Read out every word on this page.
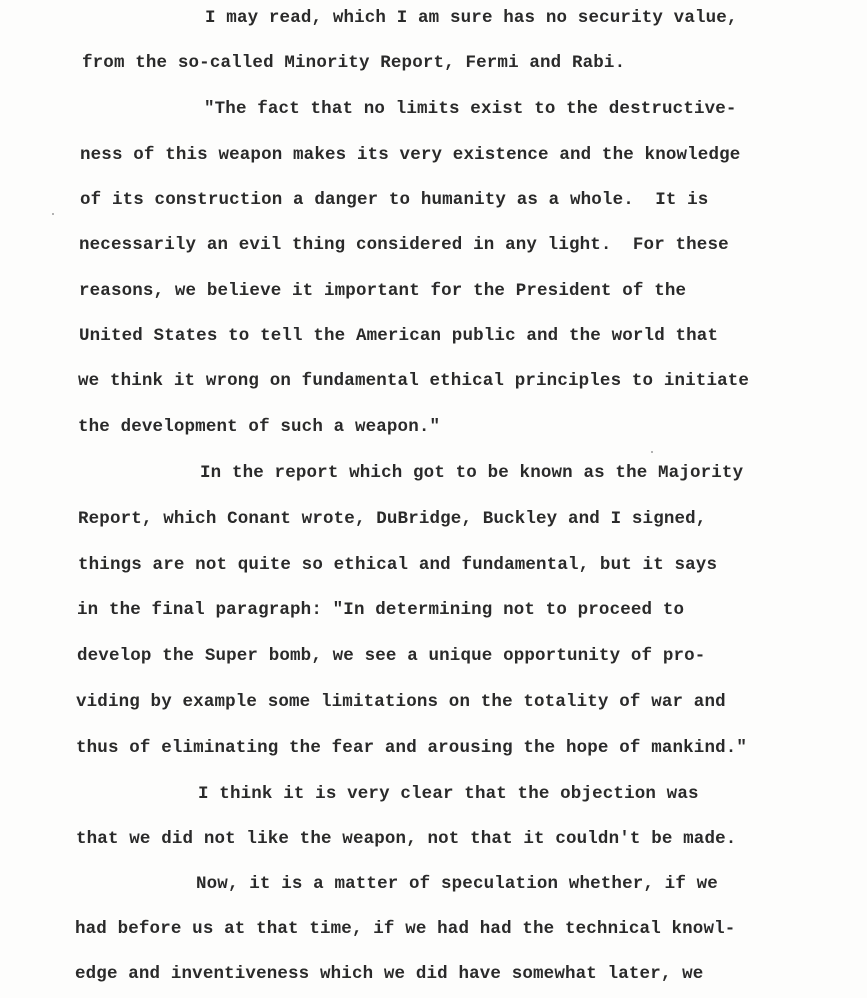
I may read, which I am sure has no security value,
from the so-called Minority Report, Fermi and Rabi.
"The fact that no limits exist to the destructive-
ness of this weapon makes its very existence and the knowledge
of its construction a danger to humanity as a whole.  It is
necessarily an evil thing considered in any light.  For these
reasons, we believe it important for the President of the
United States to tell the American public and the world that
we think it wrong on fundamental ethical principles to initiate
the development of such a weapon."
In the report which got to be known as the Majority
Report, which Conant wrote, DuBridge, Buckley and I signed,
things are not quite so ethical and fundamental, but it says
in the final paragraph: "In determining not to proceed to
develop the Super bomb, we see a unique opportunity of pro-
viding by example some limitations on the totality of war and
thus of eliminating the fear and arousing the hope of mankind."
I think it is very clear that the objection was
that we did not like the weapon, not that it couldn't be made.
Now, it is a matter of speculation whether, if we
had before us at that time, if we had had the technical knowl-
edge and inventiveness which we did have somewhat later, we
